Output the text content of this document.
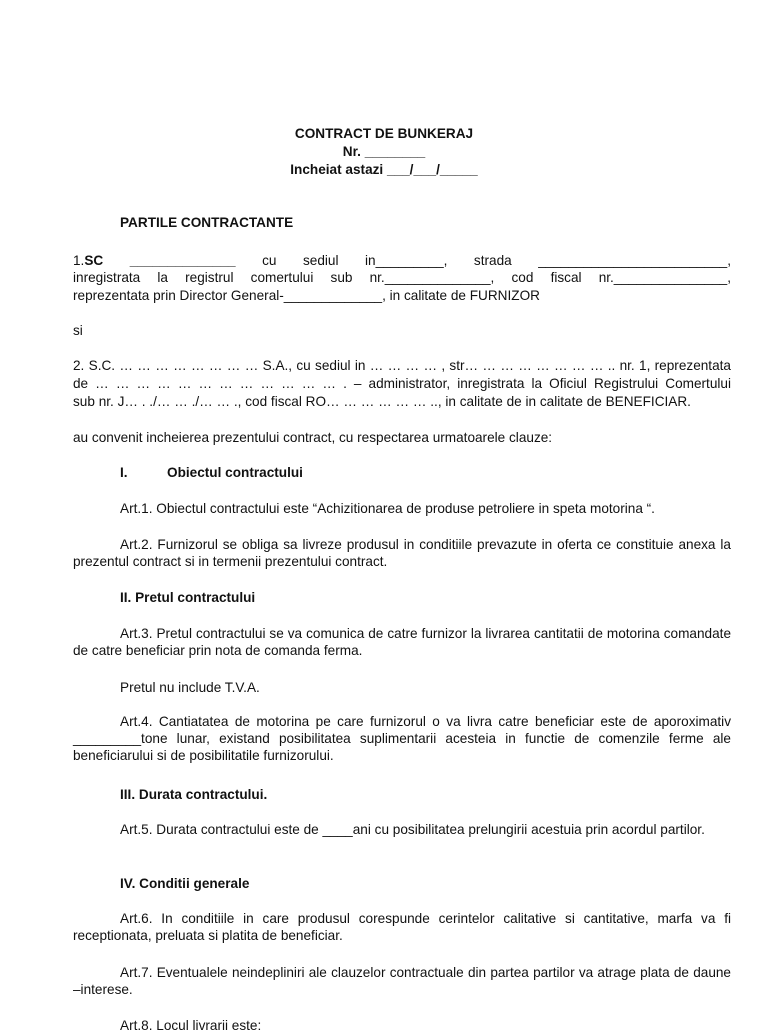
CONTRACT DE BUNKERAJ
Nr. ________
Incheiat astazi ___/___/_____
PARTILE CONTRACTANTE
1.SC ______________ cu sediul in_________, strada _________________________,
inregistrata la registrul comertului sub nr.______________, cod fiscal nr._______________,
reprezentata prin Director General-_____________, in calitate de FURNIZOR
si
2. S.C. … … … … … … … … S.A., cu sediul in … … … … , str… … … … … … … … .. nr. 1, reprezentata
de … … … … … … … … … … … … . – administrator, inregistrata la Oficiul Registrului Comertului
sub nr. J… . ./… … ./… … ., cod fiscal RO… … … … … … .., in calitate de in calitate de BENEFICIAR.
au convenit incheierea prezentului contract, cu respectarea urmatoarele clauze:
I.	Obiectul contractului
Art.1. Obiectul contractului este “Achizitionarea de produse petroliere in speta motorina “.
Art.2. Furnizorul se obliga sa livreze produsul in conditiile prevazute in oferta ce constituie anexa la prezentul contract si in termenii prezentului contract.
II. Pretul contractului
Art.3. Pretul contractului se va comunica de catre furnizor la livrarea cantitatii de motorina comandate de catre beneficiar prin nota de comanda ferma.
Pretul nu include T.V.A.
Art.4. Cantiatatea de motorina pe care furnizorul o va livra catre beneficiar este de aporoximativ _________tone lunar, existand posibilitatea suplimentarii acesteia in functie de comenzile ferme ale beneficiarului si de posibilitatile furnizorului.
III. Durata contractului.
Art.5. Durata contractului este de ____ani cu posibilitatea prelungirii acestuia prin acordul partilor.
IV. Conditii generale
Art.6. In conditiile in care produsul corespunde cerintelor calitative si cantitative, marfa va fi receptionata, preluata si platita de beneficiar.
Art.7. Eventualele neindepliniri ale clauzelor contractuale din partea partilor va atrage plata de daune –interese.
Art.8. Locul livrarii este:
